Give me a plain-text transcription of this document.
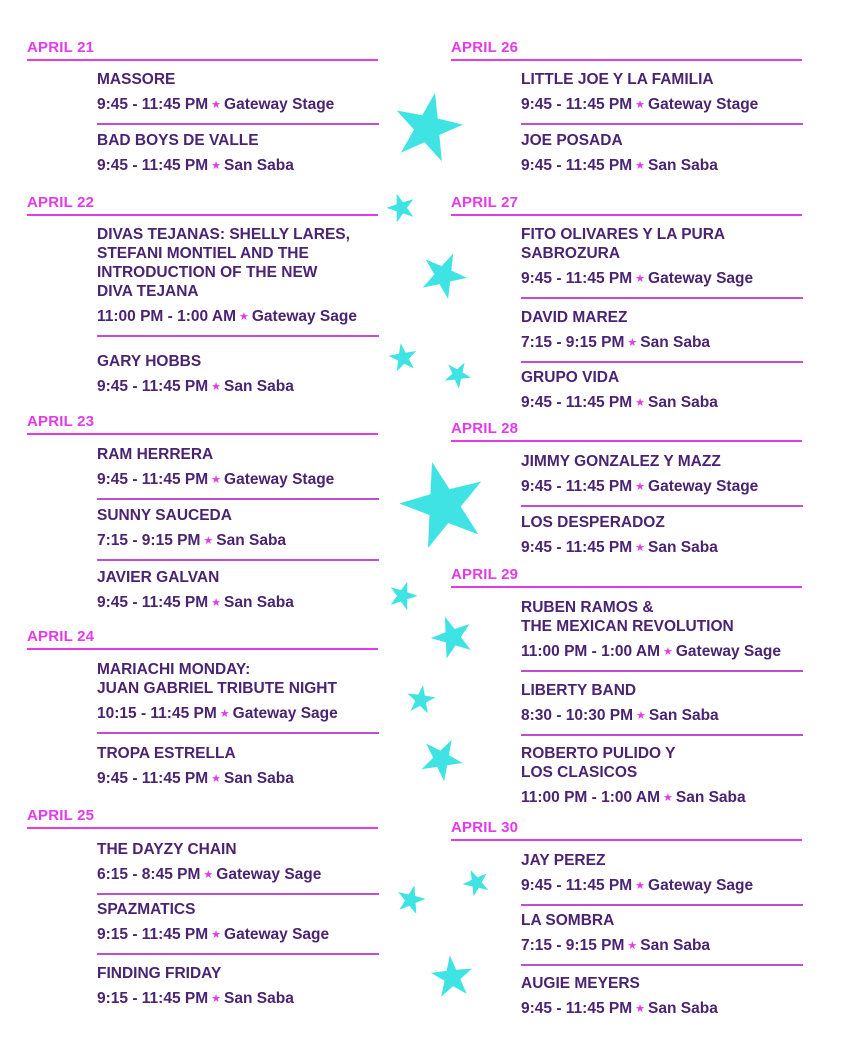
APRIL 21
MASSORE
9:45 - 11:45 PM ★ Gateway Stage
BAD BOYS DE VALLE
9:45 - 11:45 PM ★ San Saba
APRIL 22
DIVAS TEJANAS: SHELLY LARES,
STEFANI MONTIEL AND THE
INTRODUCTION OF THE NEW
DIVA TEJANA
11:00 PM - 1:00 AM ★ Gateway Sage
GARY HOBBS
9:45 - 11:45 PM ★ San Saba
APRIL 23
RAM HERRERA
9:45 - 11:45 PM ★ Gateway Stage
SUNNY SAUCEDA
7:15 - 9:15 PM ★ San Saba
JAVIER GALVAN
9:45 - 11:45 PM ★ San Saba
APRIL 24
MARIACHI MONDAY:
JUAN GABRIEL TRIBUTE NIGHT
10:15 - 11:45 PM ★ Gateway Sage
TROPA ESTRELLA
9:45 - 11:45 PM ★ San Saba
APRIL 25
THE DAYZY CHAIN
6:15 - 8:45 PM ★ Gateway Sage
SPAZMATICS
9:15 - 11:45 PM ★ Gateway Sage
FINDING FRIDAY
9:15 - 11:45 PM ★ San Saba
APRIL 26
LITTLE JOE Y LA FAMILIA
9:45 - 11:45 PM ★ Gateway Stage
JOE POSADA
9:45 - 11:45 PM ★ San Saba
APRIL 27
FITO OLIVARES Y LA PURA
SABROZURA
9:45 - 11:45 PM ★ Gateway Sage
DAVID MAREZ
7:15 - 9:15 PM ★ San Saba
GRUPO VIDA
9:45 - 11:45 PM ★ San Saba
APRIL 28
JIMMY GONZALEZ Y MAZZ
9:45 - 11:45 PM ★ Gateway Stage
LOS DESPERADOZ
9:45 - 11:45 PM ★ San Saba
APRIL 29
RUBEN RAMOS &
THE MEXICAN REVOLUTION
11:00 PM - 1:00 AM ★ Gateway Sage
LIBERTY BAND
8:30 - 10:30 PM ★ San Saba
ROBERTO PULIDO Y
LOS CLASICOS
11:00 PM - 1:00 AM ★ San Saba
APRIL 30
JAY PEREZ
9:45 - 11:45 PM ★ Gateway Sage
LA SOMBRA
7:15 - 9:15 PM ★ San Saba
AUGIE MEYERS
9:45 - 11:45 PM ★ San Saba
